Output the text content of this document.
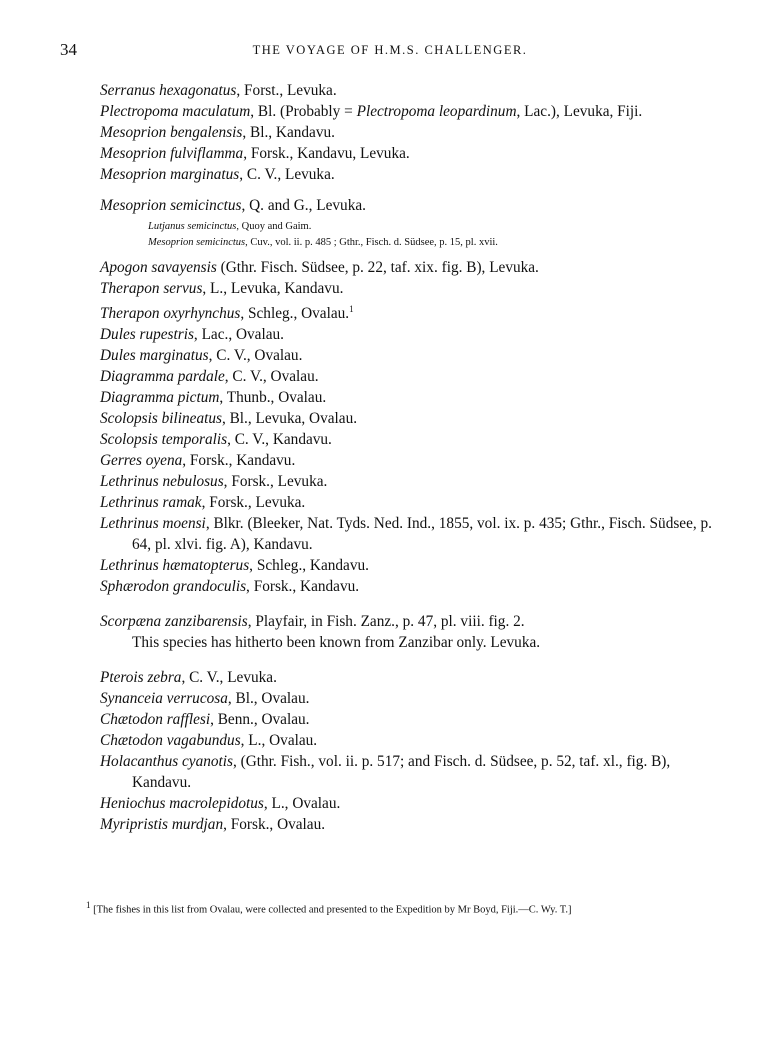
34	THE VOYAGE OF H.M.S. CHALLENGER.
Serranus hexagonatus, Forst., Levuka.
Plectropoma maculatum, Bl. (Probably = Plectropoma leopardinum, Lac.), Levuka, Fiji.
Mesoprion bengalensis, Bl., Kandavu.
Mesoprion fulviflamma, Forsk., Kandavu, Levuka.
Mesoprion marginatus, C. V., Levuka.
Mesoprion semicinctus, Q. and G., Levuka.
Lutjanus semicinctus, Quoy and Gaim.
Mesoprion semicinctus, Cuv., vol. ii. p. 485 ; Gthr., Fisch. d. Südsee, p. 15, pl. xvii.
Apogon savayensis (Gthr. Fisch. Südsee, p. 22, taf. xix. fig. B), Levuka.
Therapon servus, L., Levuka, Kandavu.
Therapon oxyrhynchus, Schleg., Ovalau.$^1$
Dules rupestris, Lac., Ovalau.
Dules marginatus, C. V., Ovalau.
Diagramma pardale, C. V., Ovalau.
Diagramma pictum, Thunb., Ovalau.
Scolopsis bilineatus, Bl., Levuka, Ovalau.
Scolopsis temporalis, C. V., Kandavu.
Gerres oyena, Forsk., Kandavu.
Lethrinus nebulosus, Forsk., Levuka.
Lethrinus ramak, Forsk., Levuka.
Lethrinus moensi, Blkr. (Bleeker, Nat. Tyds. Ned. Ind., 1855, vol. ix. p. 435; Gthr., Fisch. Südsee, p. 64, pl. xlvi. fig. A), Kandavu.
Lethrinus hæmatopterus, Schleg., Kandavu.
Sphærodon grandoculis, Forsk., Kandavu.
Scorpæna zanzibarensis, Playfair, in Fish. Zanz., p. 47, pl. viii. fig. 2.
This species has hitherto been known from Zanzibar only. Levuka.
Pterois zebra, C. V., Levuka.
Synanceia verrucosa, Bl., Ovalau.
Chætodon rafflesi, Benn., Ovalau.
Chætodon vagabundus, L., Ovalau.
Holacanthus cyanotis, (Gthr. Fish., vol. ii. p. 517; and Fisch. d. Südsee, p. 52, taf. xl., fig. B), Kandavu.
Heniochus macrolepidotus, L., Ovalau.
Myripristis murdjan, Forsk., Ovalau.
$^1$ [The fishes in this list from Ovalau, were collected and presented to the Expedition by Mr Boyd, Fiji.—C. Wy. T.]
